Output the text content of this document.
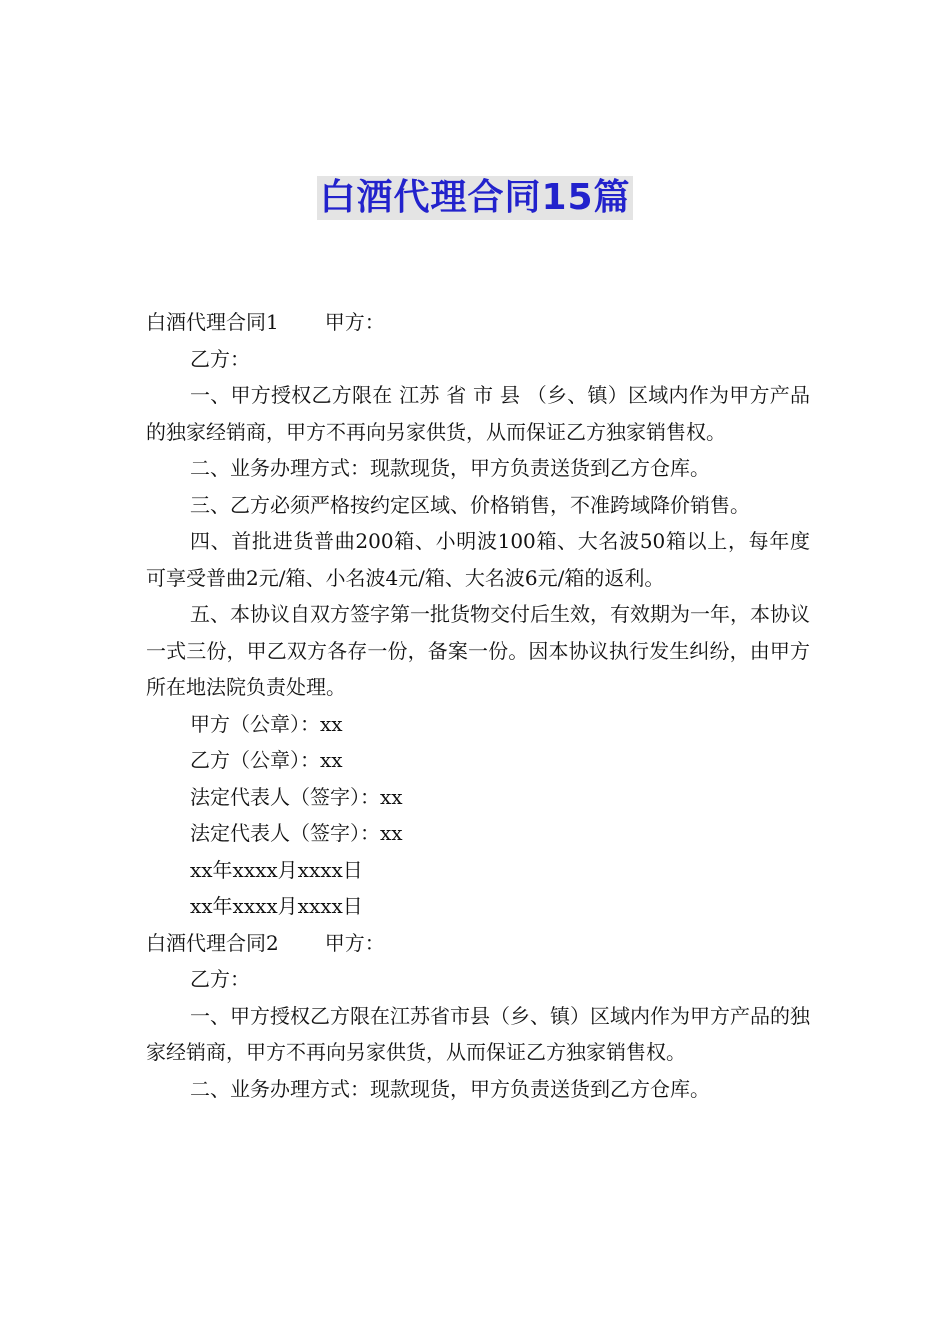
白酒代理合同15篇
白酒代理合同1 甲方：
乙方：

一、甲方授权乙方限在 江苏 省 市 县 （乡、镇）区域内作为甲方产品的独家经销商，甲方不再向另家供货，从而保证乙方独家销售权。

二、业务办理方式：现款现货，甲方负责送货到乙方仓库。

三、乙方必须严格按约定区域、价格销售，不准跨域降价销售。

四、首批进货普曲200箱、小明波100箱、大名波50箱以上，每年度可享受普曲2元/箱、小名波4元/箱、大名波6元/箱的返利。

五、本协议自双方签字第一批货物交付后生效，有效期为一年，本协议一式三份，甲乙双方各存一份，备案一份。因本协议执行发生纠纷，由甲方所在地法院负责处理。

甲方（公章）：xx
乙方（公章）：xx
法定代表人（签字）：xx
法定代表人（签字）：xx
xx年xxxx月xxxx日
xx年xxxx月xxxx日
白酒代理合同2 甲方：
乙方：

一、甲方授权乙方限在江苏省市县（乡、镇）区域内作为甲方产品的独家经销商，甲方不再向另家供货，从而保证乙方独家销售权。

二、业务办理方式：现款现货，甲方负责送货到乙方仓库。
